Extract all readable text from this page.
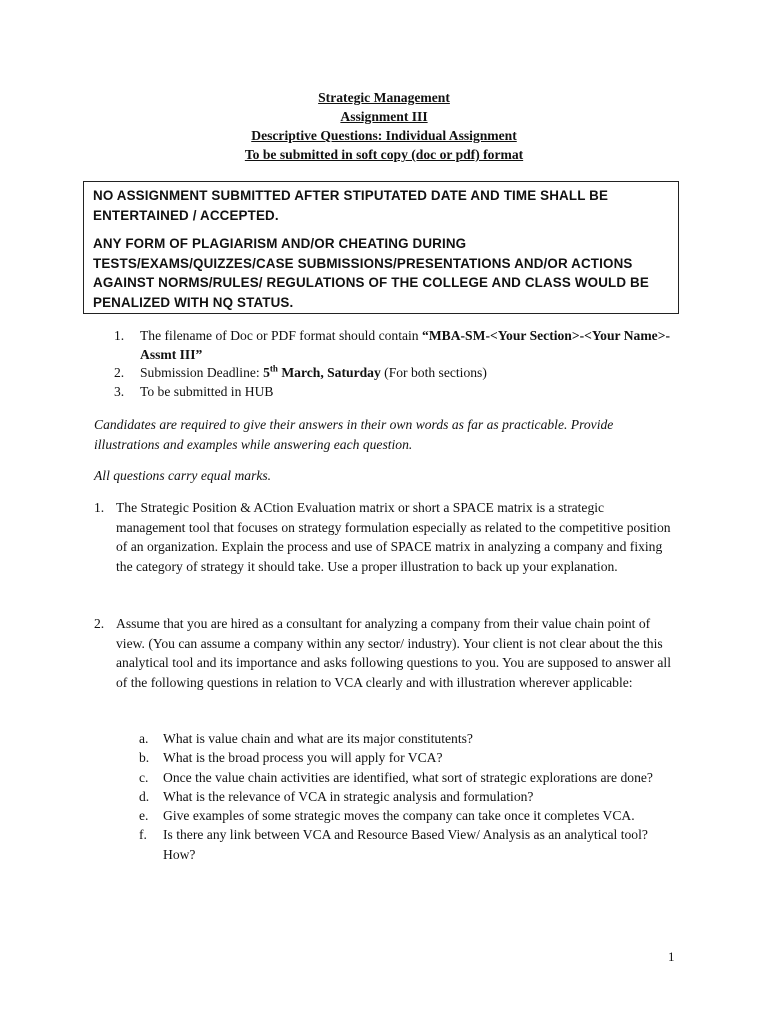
Strategic Management
Assignment III
Descriptive Questions: Individual Assignment
To be submitted in soft copy (doc or pdf) format

NO ASSIGNMENT SUBMITTED AFTER STIPUTATED DATE AND TIME SHALL BE ENTERTAINED / ACCEPTED.

ANY FORM OF PLAGIARISM AND/OR CHEATING DURING TESTS/EXAMS/QUIZZES/CASE SUBMISSIONS/PRESENTATIONS AND/OR ACTIONS AGAINST NORMS/RULES/ REGULATIONS OF THE COLLEGE AND CLASS WOULD BE PENALIZED WITH NQ STATUS.

1. The filename of Doc or PDF format should contain “MBA-SM-<Your Section>-<Your Name>-Assmt III”
2. Submission Deadline: 5th March, Saturday (For both sections)
3. To be submitted in HUB

Candidates are required to give their answers in their own words as far as practicable. Provide illustrations and examples while answering each question.

All questions carry equal marks.

1. The Strategic Position & ACtion Evaluation matrix or short a SPACE matrix is a strategic management tool that focuses on strategy formulation especially as related to the competitive position of an organization. Explain the process and use of SPACE matrix in analyzing a company and fixing the category of strategy it should take. Use a proper illustration to back up your explanation.
2. Assume that you are hired as a consultant for analyzing a company from their value chain point of view. (You can assume a company within any sector/ industry). Your client is not clear about the this analytical tool and its importance and asks following questions to you. You are supposed to answer all of the following questions in relation to VCA clearly and with illustration wherever applicable:
a. What is value chain and what are its major constitutents?
b. What is the broad process you will apply for VCA?
c. Once the value chain activities are identified, what sort of strategic explorations are done?
d. What is the relevance of VCA in strategic analysis and formulation?
e. Give examples of some strategic moves the company can take once it completes VCA.
f. Is there any link between VCA and Resource Based View/ Analysis as an analytical tool? How?
1
